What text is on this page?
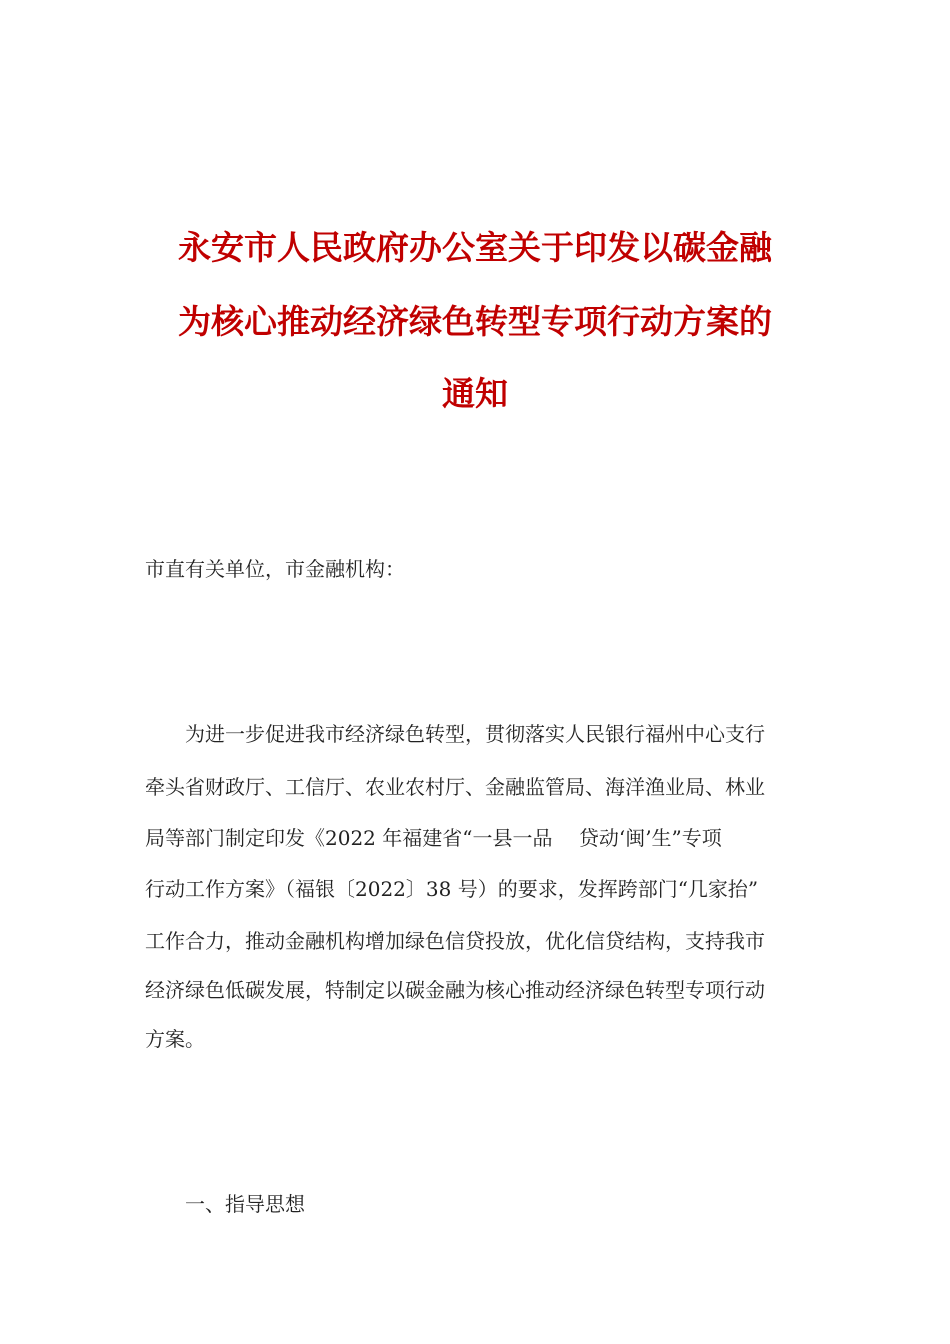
永安市人民政府办公室关于印发以碳金融
为核心推动经济绿色转型专项行动方案的
通知
市直有关单位，市金融机构：
为进一步促进我市经济绿色转型，贯彻落实人民银行福州中心支行
牵头省财政厅、工信厅、农业农村厅、金融监管局、海洋渔业局、林业
局等部门制定印发《2022 年福建省“一县一品　 贷动‘闽’生”专项
行动工作方案》（福银〔2022〕38 号）的要求，发挥跨部门“几家抬”
工作合力，推动金融机构增加绿色信贷投放，优化信贷结构，支持我市
经济绿色低碳发展，特制定以碳金融为核心推动经济绿色转型专项行动
方案。
一、指导思想
